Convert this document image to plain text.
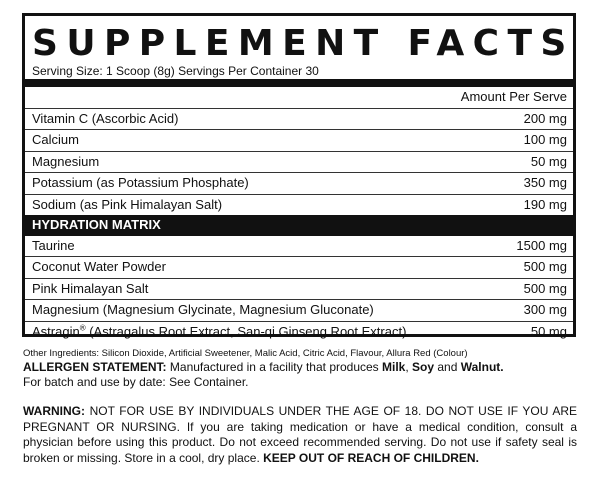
SUPPLEMENT FACTS
Serving Size: 1 Scoop (8g) Servings Per Container 30
Amount Per Serve
Vitamin C (Ascorbic Acid)	200 mg
Calcium	100 mg
Magnesium	50 mg
Potassium (as Potassium Phosphate)	350 mg
Sodium (as Pink Himalayan Salt)	190 mg
HYDRATION MATRIX
Taurine	1500 mg
Coconut Water Powder	500 mg
Pink Himalayan Salt	500 mg
Magnesium (Magnesium Glycinate, Magnesium Gluconate)	300 mg
Astragin® (Astragalus Root Extract, San-qi Ginseng Root Extract)	50 mg
Other Ingredients: Silicon Dioxide, Artificial Sweetener, Malic Acid, Citric Acid, Flavour, Allura Red (Colour)
ALLERGEN STATEMENT: Manufactured in a facility that produces Milk, Soy and Walnut.
For batch and use by date: See Container.
WARNING: NOT FOR USE BY INDIVIDUALS UNDER THE AGE OF 18. DO NOT USE IF YOU ARE PREGNANT OR NURSING. If you are taking medication or have a medical condition, consult a physician before using this product. Do not exceed recommended serving. Do not use if safety seal is broken or missing. Store in a cool, dry place. KEEP OUT OF REACH OF CHILDREN.
